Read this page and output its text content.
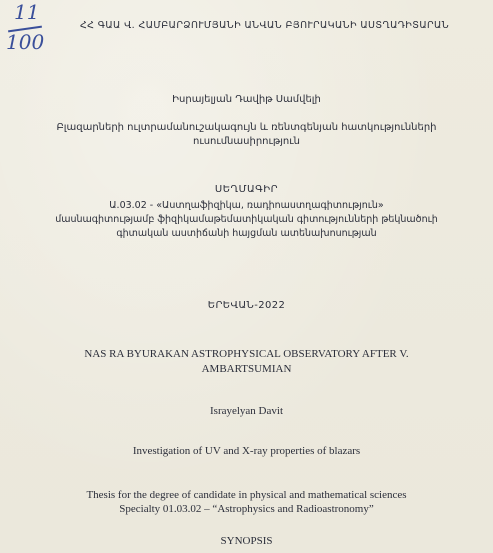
11
100
ՀՀ ԳԱԱ Վ. ՀԱՄԲԱՐՁՈՒՄՅԱՆԻ ԱՆՎԱՆ ԲՅՈՒՐԱԿԱՆԻ ԱՍՏՂԱԴԻՏԱՐԱՆ
Իսրայելյան Դավիթ Սամվելի
Բլազարների ուլտրամանուշակագույն և ռենտգենյան հատկությունների
ուսումնասիրություն
ՍԵՂՄԱԳԻՐ
Ա.03.02 - «Աստղաֆիզիկա, ռադիոաստղագիտություն»
մասնագիտությամբ ֆիզիկամաթեմատիկական գիտությունների թեկնածուի
գիտական աստիճանի հայցման ատենախոսության
ԵՐԵՎԱՆ-2022
NAS RA BYURAKAN ASTROPHYSICAL OBSERVATORY AFTER V.
AMBARTSUMIAN
Israyelyan Davit
Investigation of UV and X-ray properties of blazars
Thesis for the degree of candidate in physical and mathematical sciences
Specialty 01.03.02 – “Astrophysics and Radioastronomy”
SYNOPSIS
